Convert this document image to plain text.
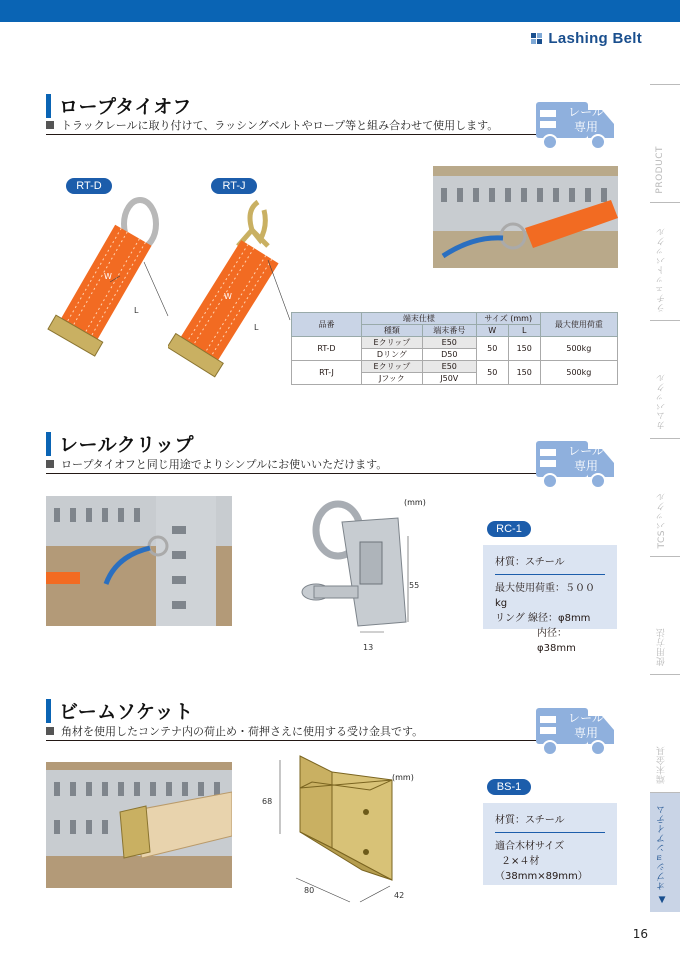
Lashing Belt
ロープタイオフ
トラックレールに取り付けて、ラッシングベルトやロープ等と組み合わせて使用します。
レール
専用
RT-D	RT-J
W
L
W
L	品番	端末仕様		サイズ (mm)		最大使用荷重
	種類	端末番号	W	L	
RT-D	Eクリップ	E50	50	150	500kg
	Dリング	D50			
RT-J	Eクリップ	E50	50	150	500kg
	Jフック	J50V			
レールクリップ
ロープタイオフと同じ用途でよりシンプルにお使いいただけます。
レール
専用
(mm)
55
13
RC-1
材質：スチール
最大使用荷重：５００kg
リング 線径：φ8mm
内径：φ38mm
ビームソケット
角材を使用したコンテナ内の荷止め・荷押さえに使用する受け金具です。
レール
専用
(mm)
68
80
42
BS-1
材質：スチール
適合木材サイズ
２×４材
（38mm×89mm）
PRODUCT
ラチェットバックル
カムバックル
TCSバックル
使用方法
端末金具
▲ オプションアイテム
16
